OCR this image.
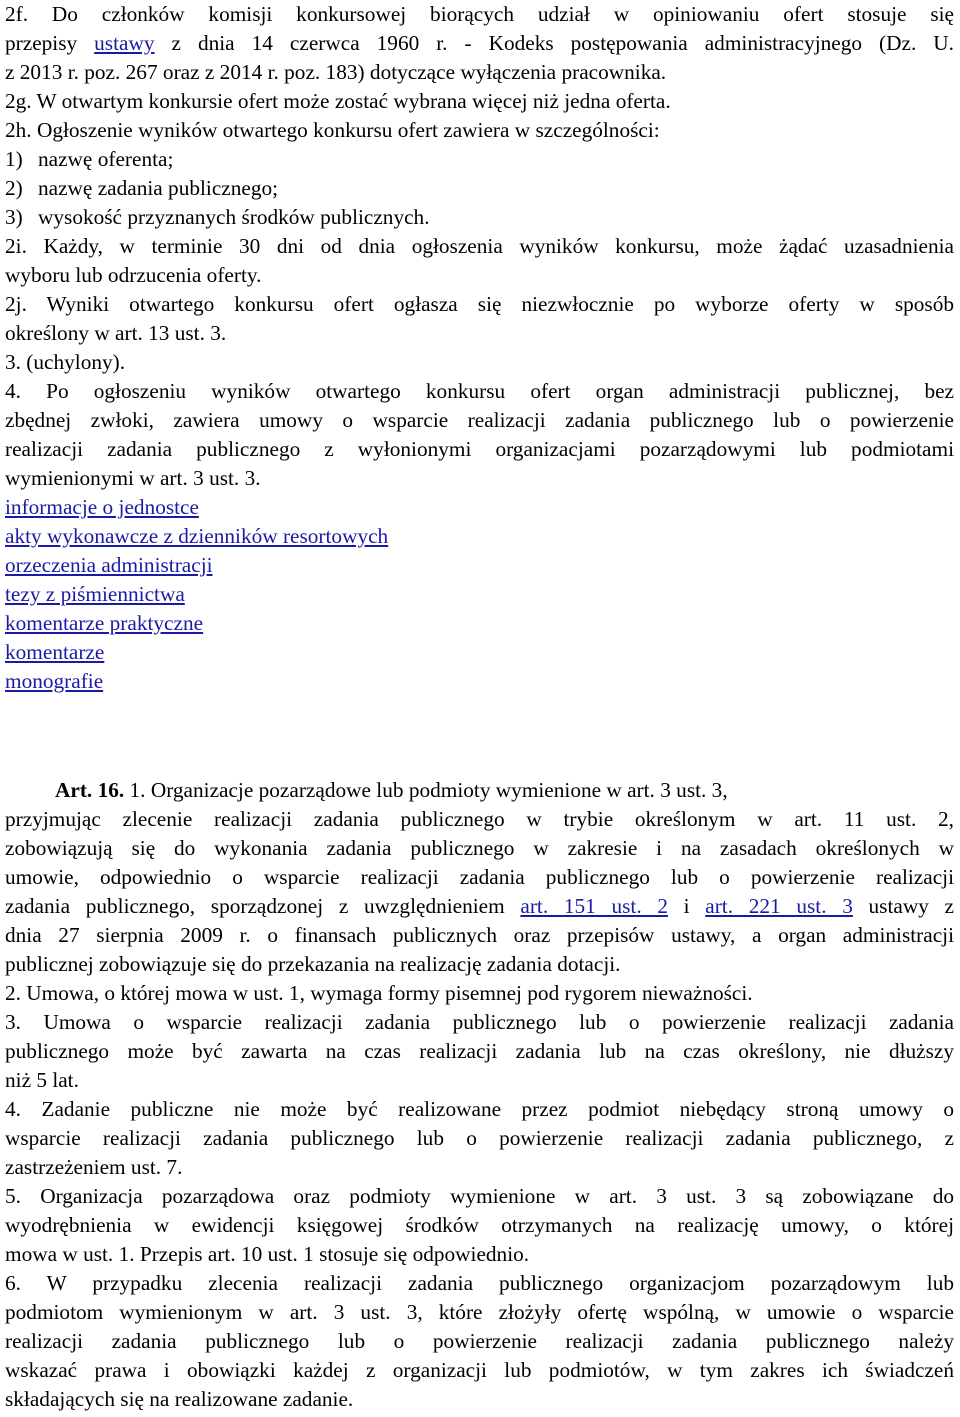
2f. Do członków komisji konkursowej biorących udział w opiniowaniu ofert stosuje się
przepisy ustawy z dnia 14 czerwca 1960 r. - Kodeks postępowania administracyjnego (Dz. U.
z 2013 r. poz. 267 oraz z 2014 r. poz. 183) dotyczące wyłączenia pracownika.
2g. W otwartym konkursie ofert może zostać wybrana więcej niż jedna oferta.
2h. Ogłoszenie wyników otwartego konkursu ofert zawiera w szczególności:
1) nazwę oferenta;
2) nazwę zadania publicznego;
3) wysokość przyznanych środków publicznych.
2i. Każdy, w terminie 30 dni od dnia ogłoszenia wyników konkursu, może żądać uzasadnienia
wyboru lub odrzucenia oferty.
2j. Wyniki otwartego konkursu ofert ogłasza się niezwłocznie po wyborze oferty w sposób
określony w art. 13 ust. 3.
3. (uchylony).
4. Po ogłoszeniu wyników otwartego konkursu ofert organ administracji publicznej, bez
zbędnej zwłoki, zawiera umowy o wsparcie realizacji zadania publicznego lub o powierzenie
realizacji zadania publicznego z wyłonionymi organizacjami pozarządowymi lub podmiotami
wymienionymi w art. 3 ust. 3.
informacje o jednostce
akty wykonawcze z dzienników resortowych
orzeczenia administracji
tezy z piśmiennictwa
komentarze praktyczne
komentarze
monografie
Art. 16. 1. Organizacje pozarządowe lub podmioty wymienione w art. 3 ust. 3,
przyjmując zlecenie realizacji zadania publicznego w trybie określonym w art. 11 ust. 2,
zobowiązują się do wykonania zadania publicznego w zakresie i na zasadach określonych w
umowie, odpowiednio o wsparcie realizacji zadania publicznego lub o powierzenie realizacji
zadania publicznego, sporządzonej z uwzględnieniem art. 151 ust. 2 i art. 221 ust. 3 ustawy z
dnia 27 sierpnia 2009 r. o finansach publicznych oraz przepisów ustawy, a organ administracji
publicznej zobowiązuje się do przekazania na realizację zadania dotacji.
2. Umowa, o której mowa w ust. 1, wymaga formy pisemnej pod rygorem nieważności.
3. Umowa o wsparcie realizacji zadania publicznego lub o powierzenie realizacji zadania
publicznego może być zawarta na czas realizacji zadania lub na czas określony, nie dłuższy
niż 5 lat.
4. Zadanie publiczne nie może być realizowane przez podmiot niebędący stroną umowy o
wsparcie realizacji zadania publicznego lub o powierzenie realizacji zadania publicznego, z
zastrzeżeniem ust. 7.
5. Organizacja pozarządowa oraz podmioty wymienione w art. 3 ust. 3 są zobowiązane do
wyodrębnienia w ewidencji księgowej środków otrzymanych na realizację umowy, o której
mowa w ust. 1. Przepis art. 10 ust. 1 stosuje się odpowiednio.
6. W przypadku zlecenia realizacji zadania publicznego organizacjom pozarządowym lub
podmiotom wymienionym w art. 3 ust. 3, które złożyły ofertę wspólną, w umowie o wsparcie
realizacji zadania publicznego lub o powierzenie realizacji zadania publicznego należy
wskazać prawa i obowiązki każdej z organizacji lub podmiotów, w tym zakres ich świadczeń
składających się na realizowane zadanie.
